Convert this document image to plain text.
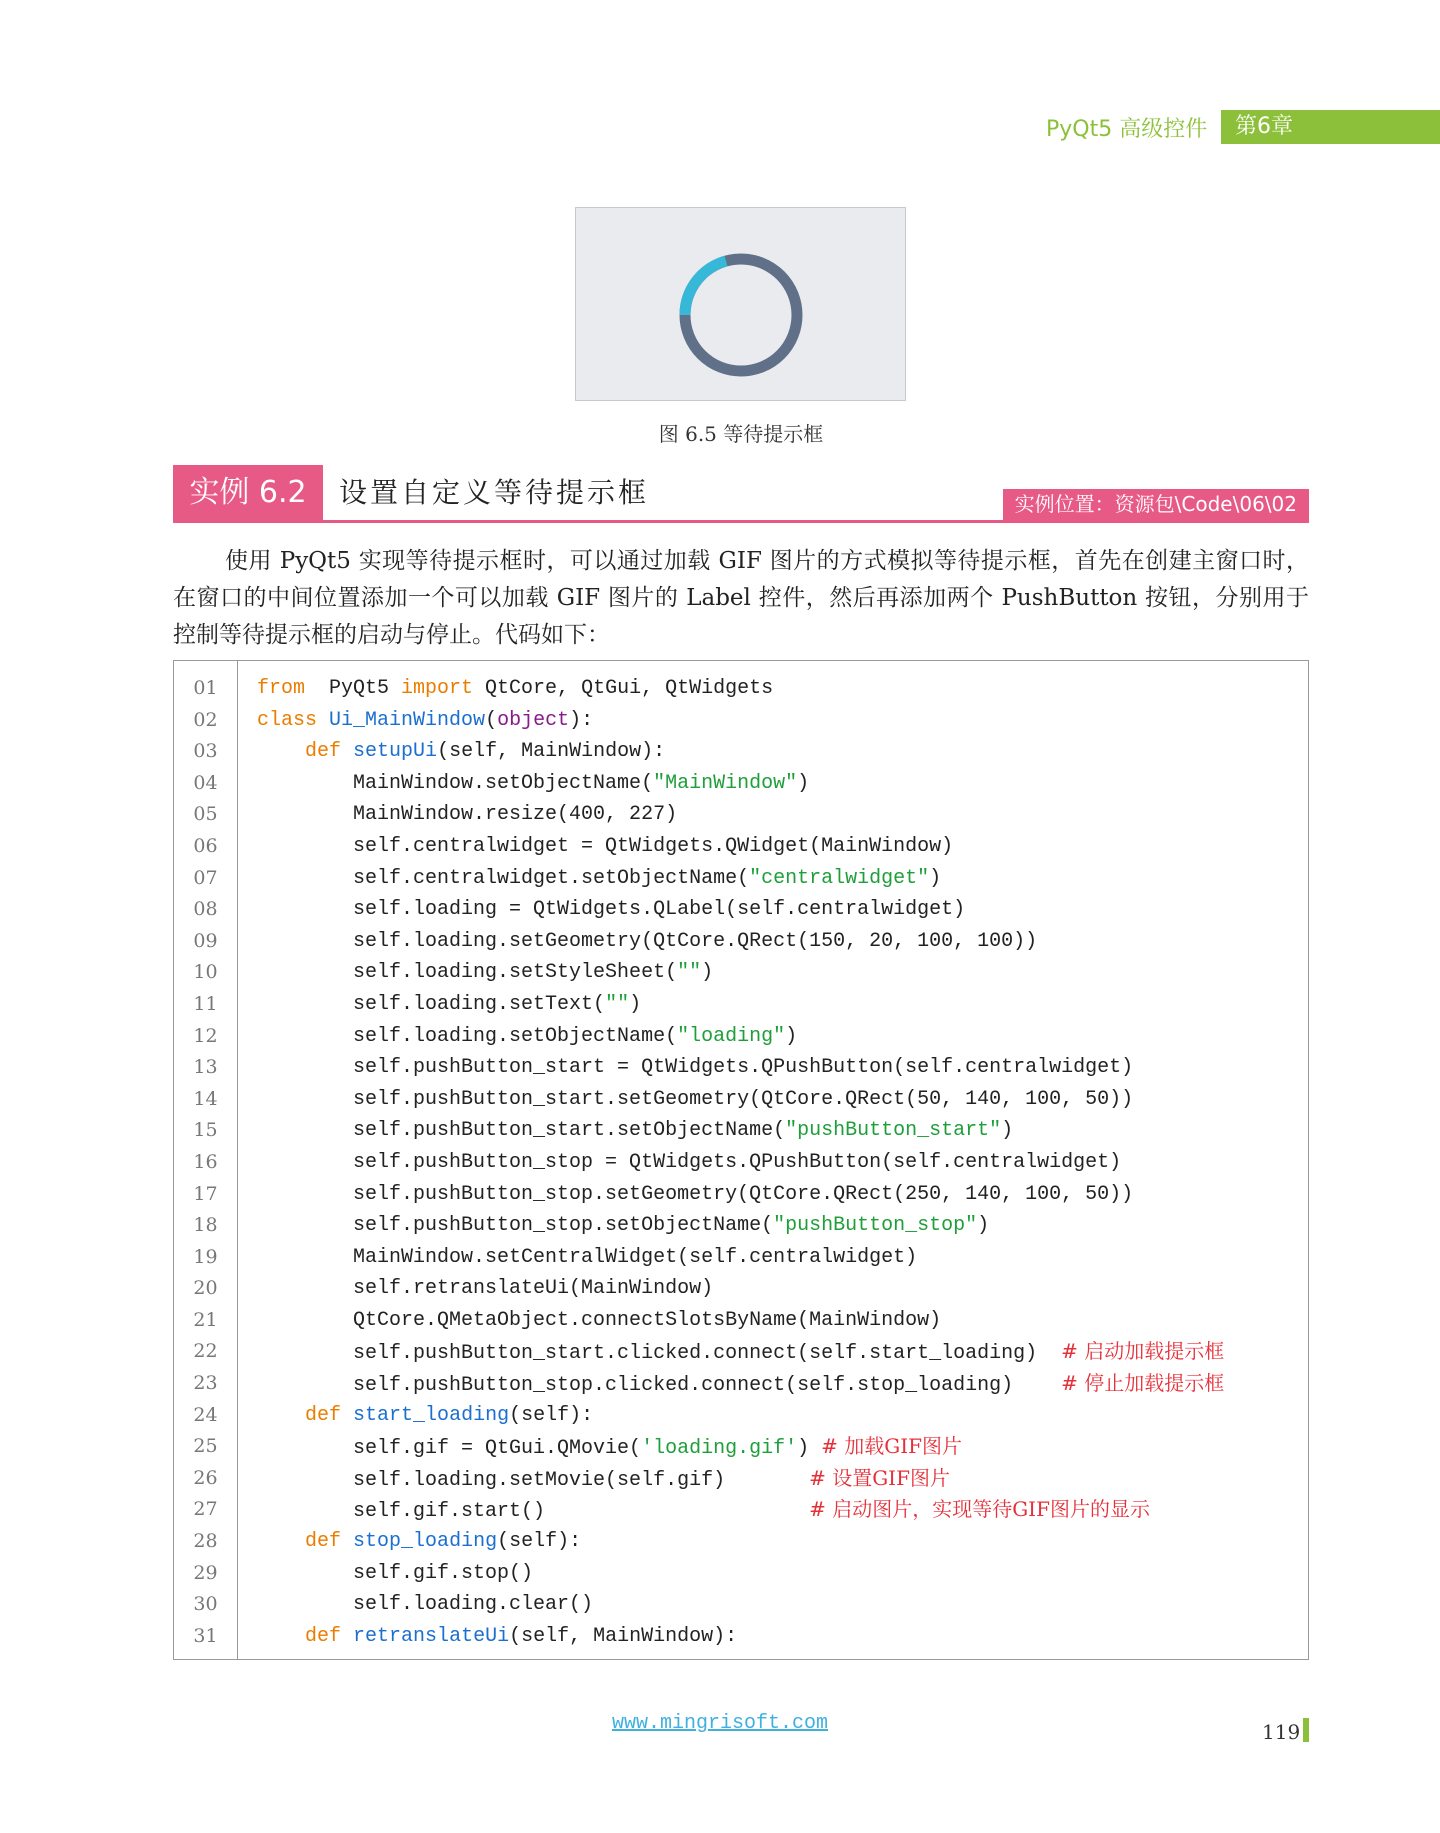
PyQt5 高级控件	第6章
图 6.5 等待提示框
实例 6.2	设置自定义等待提示框	实例位置：资源包\Code\06\02
使用 PyQt5 实现等待提示框时，可以通过加载 GIF 图片的方式模拟等待提示框，首先在创建主窗口时，在窗口的中间位置添加一个可以加载 GIF 图片的 Label 控件，然后再添加两个 PushButton 按钮，分别用于控制等待提示框的启动与停止。代码如下：
01	from  PyQt5 import QtCore, QtGui, QtWidgets
02	class Ui_MainWindow(object):
03	def setupUi(self, MainWindow):
04	MainWindow.setObjectName("MainWindow")
05	MainWindow.resize(400, 227)
06	self.centralwidget = QtWidgets.QWidget(MainWindow)
07	self.centralwidget.setObjectName("centralwidget")
08	self.loading = QtWidgets.QLabel(self.centralwidget)
09	self.loading.setGeometry(QtCore.QRect(150, 20, 100, 100))
10	self.loading.setStyleSheet("")
11	self.loading.setText("")
12	self.loading.setObjectName("loading")
13	self.pushButton_start = QtWidgets.QPushButton(self.centralwidget)
14	self.pushButton_start.setGeometry(QtCore.QRect(50, 140, 100, 50))
15	self.pushButton_start.setObjectName("pushButton_start")
16	self.pushButton_stop = QtWidgets.QPushButton(self.centralwidget)
17	self.pushButton_stop.setGeometry(QtCore.QRect(250, 140, 100, 50))
18	self.pushButton_stop.setObjectName("pushButton_stop")
19	MainWindow.setCentralWidget(self.centralwidget)
20	self.retranslateUi(MainWindow)
21	QtCore.QMetaObject.connectSlotsByName(MainWindow)
22	self.pushButton_start.clicked.connect(self.start_loading)  # 启动加载提示框
23	self.pushButton_stop.clicked.connect(self.stop_loading)    # 停止加载提示框
24	def start_loading(self):
25	self.gif = QtGui.QMovie('loading.gif') # 加载GIF图片
26	self.loading.setMovie(self.gif)       # 设置GIF图片
27	self.gif.start()                      # 启动图片，实现等待GIF图片的显示
28	def stop_loading(self):
29	self.gif.stop()
30	self.loading.clear()
31	def retranslateUi(self, MainWindow):
www.mingrisoft.com	119
